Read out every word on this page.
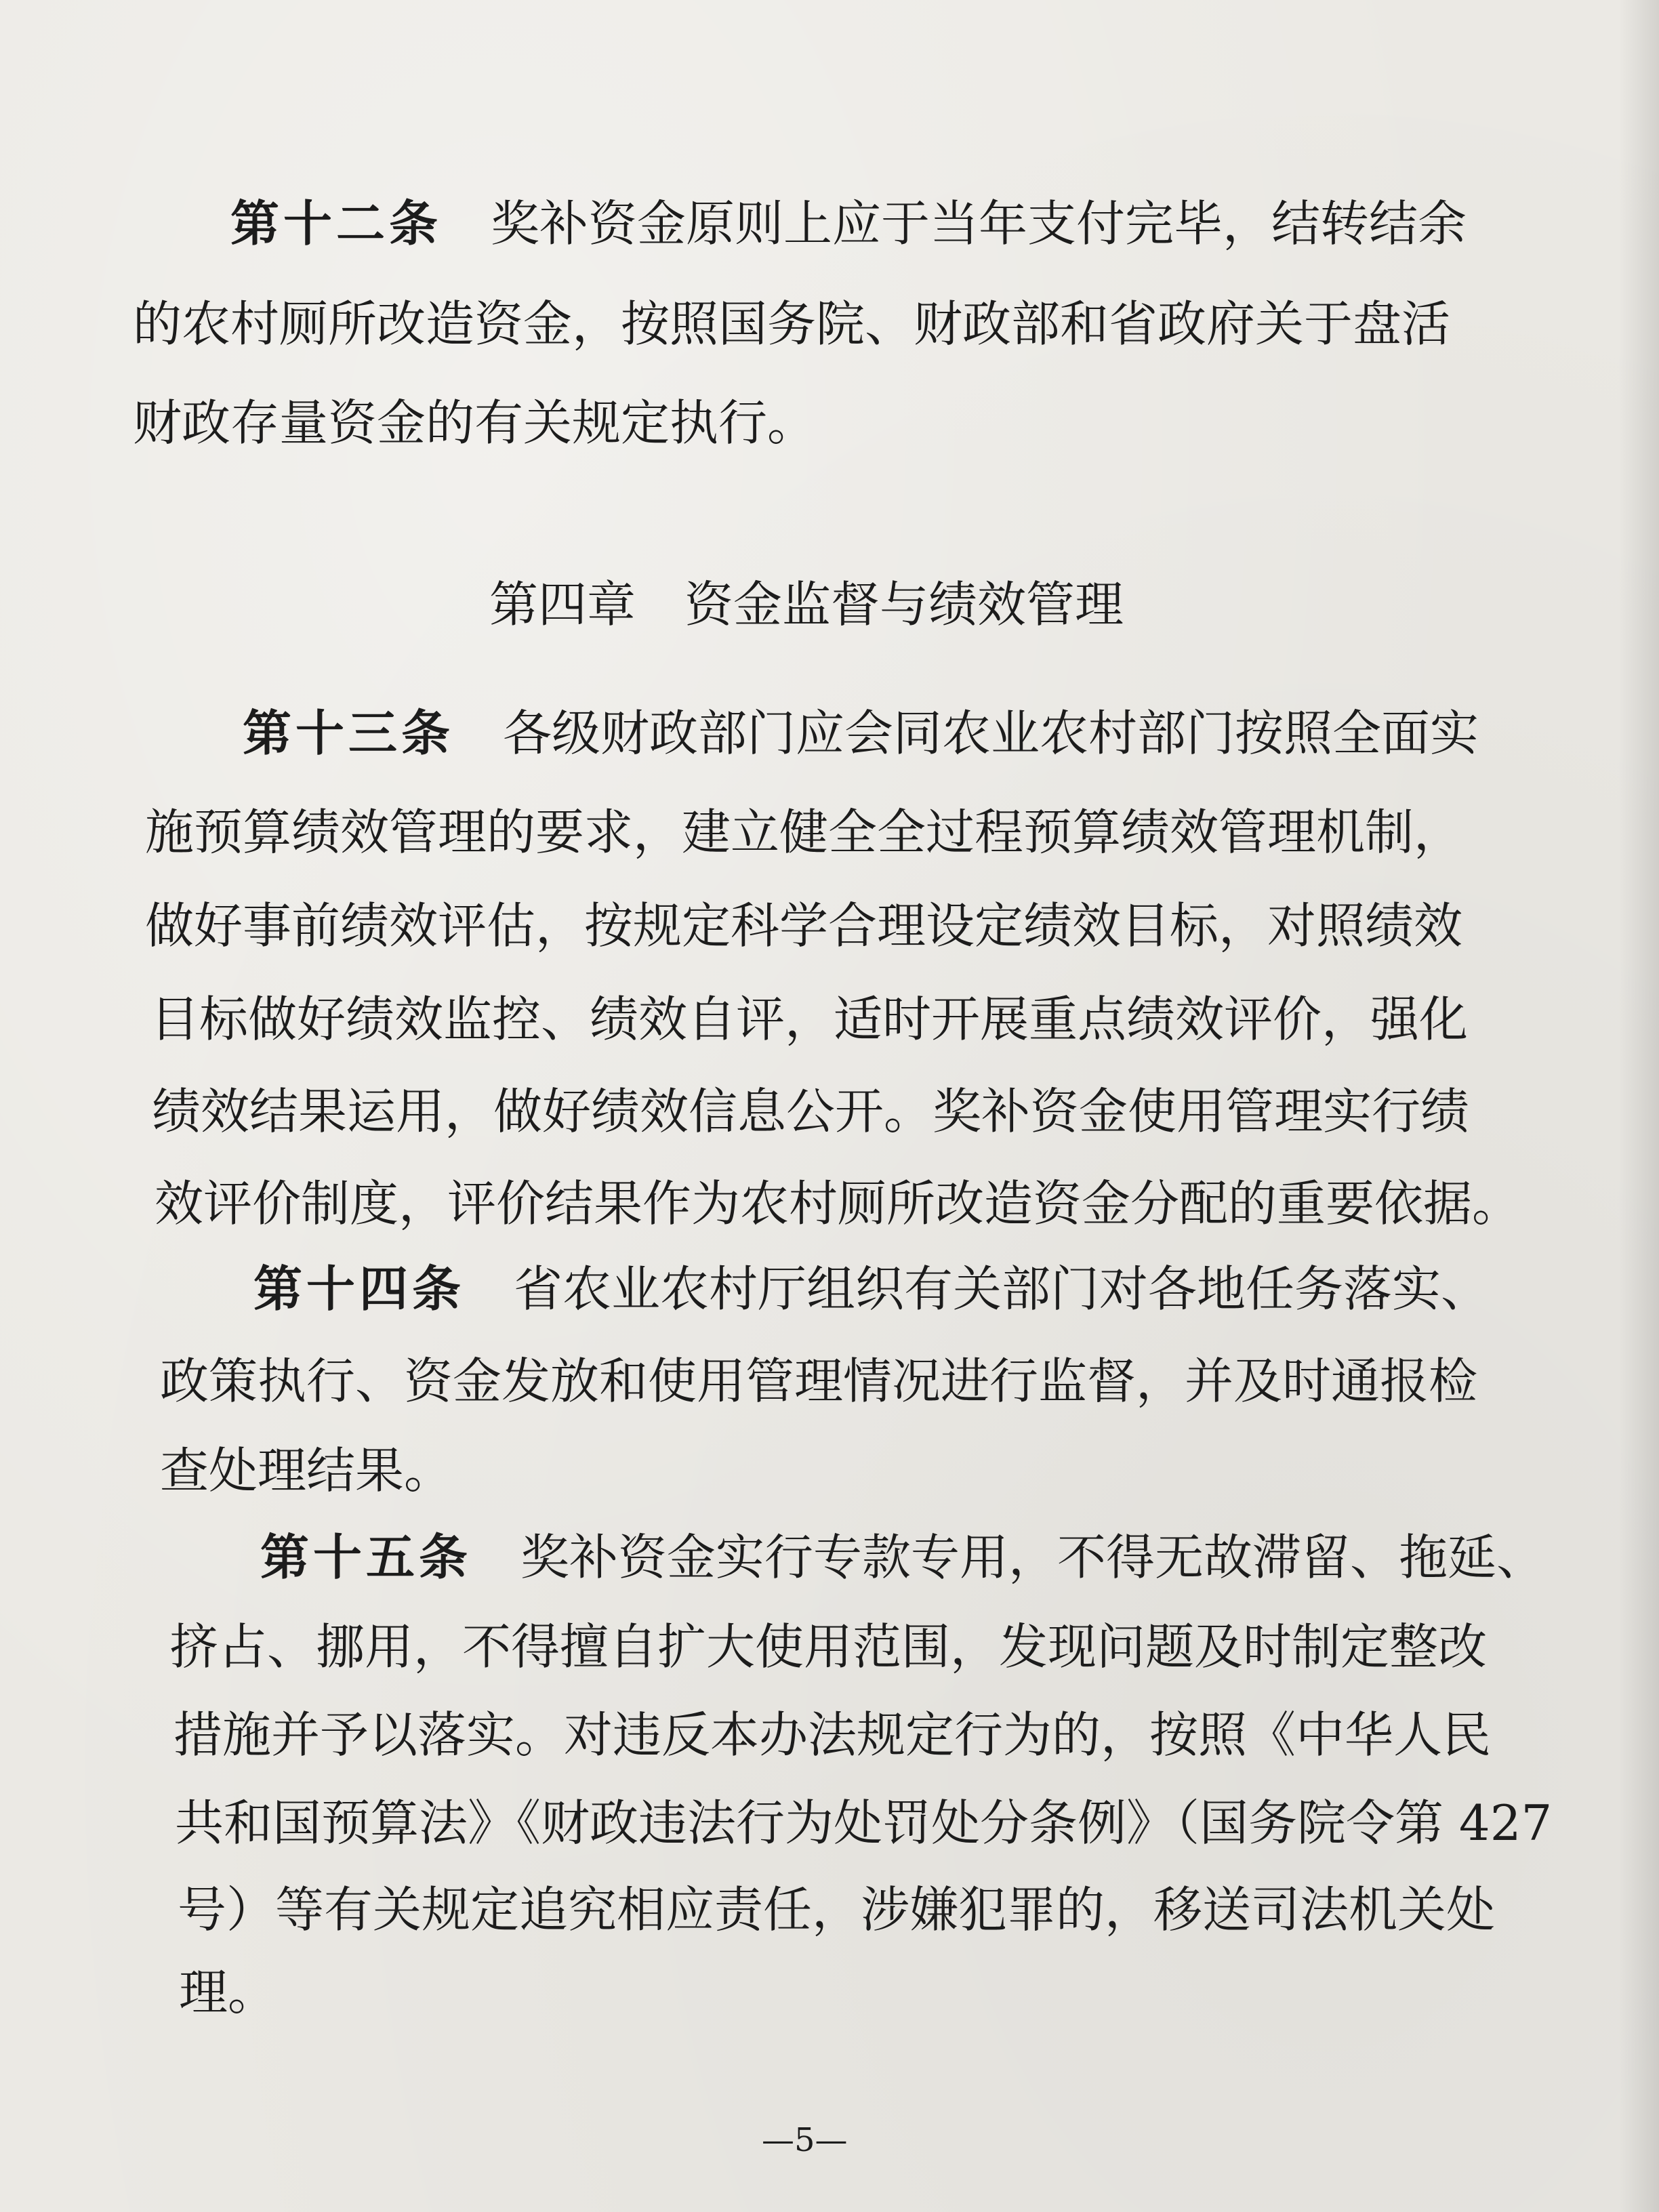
第十二条 奖补资金原则上应于当年支付完毕，结转结余
的农村厕所改造资金，按照国务院、财政部和省政府关于盘活
财政存量资金的有关规定执行。
第四章 资金监督与绩效管理
第十三条 各级财政部门应会同农业农村部门按照全面实
施预算绩效管理的要求，建立健全全过程预算绩效管理机制，
做好事前绩效评估，按规定科学合理设定绩效目标，对照绩效
目标做好绩效监控、绩效自评，适时开展重点绩效评价，强化
绩效结果运用，做好绩效信息公开。奖补资金使用管理实行绩
效评价制度，评价结果作为农村厕所改造资金分配的重要依据。
第十四条 省农业农村厅组织有关部门对各地任务落实、
政策执行、资金发放和使用管理情况进行监督，并及时通报检
查处理结果。
第十五条 奖补资金实行专款专用，不得无故滞留、拖延、
挤占、挪用，不得擅自扩大使用范围，发现问题及时制定整改
措施并予以落实。对违反本办法规定行为的，按照《中华人民
共和国预算法》《财政违法行为处罚处分条例》（国务院令第 427
号）等有关规定追究相应责任，涉嫌犯罪的，移送司法机关处
理。
—5—
